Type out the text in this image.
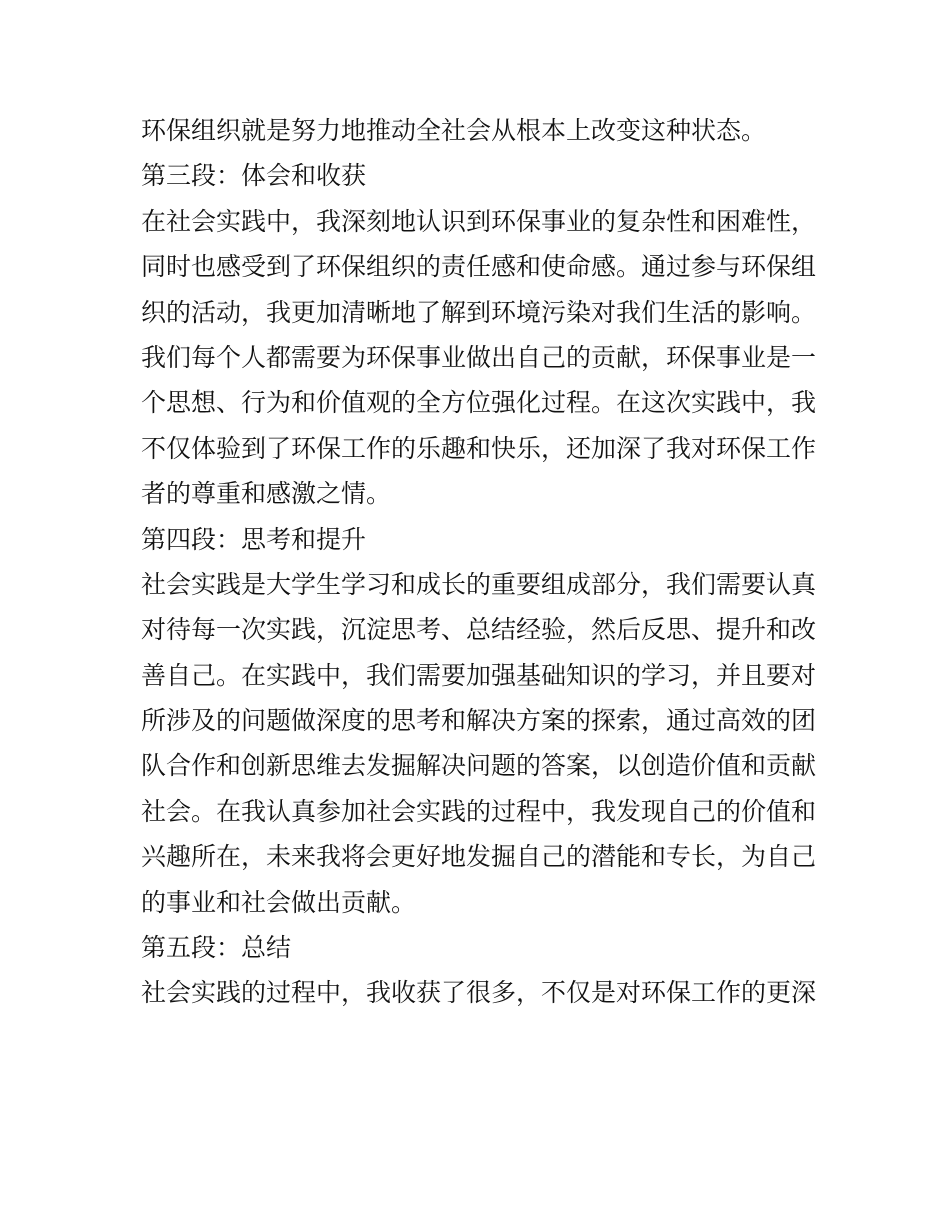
环保组织就是努力地推动全社会从根本上改变这种状态。
第三段：体会和收获
在社会实践中，我深刻地认识到环保事业的复杂性和困难性，
同时也感受到了环保组织的责任感和使命感。通过参与环保组
织的活动，我更加清晰地了解到环境污染对我们生活的影响。
我们每个人都需要为环保事业做出自己的贡献，环保事业是一
个思想、行为和价值观的全方位强化过程。在这次实践中，我
不仅体验到了环保工作的乐趣和快乐，还加深了我对环保工作
者的尊重和感激之情。
第四段：思考和提升
社会实践是大学生学习和成长的重要组成部分，我们需要认真
对待每一次实践，沉淀思考、总结经验，然后反思、提升和改
善自己。在实践中，我们需要加强基础知识的学习，并且要对
所涉及的问题做深度的思考和解决方案的探索，通过高效的团
队合作和创新思维去发掘解决问题的答案，以创造价值和贡献
社会。在我认真参加社会实践的过程中，我发现自己的价值和
兴趣所在，未来我将会更好地发掘自己的潜能和专长，为自己
的事业和社会做出贡献。
第五段：总结
社会实践的过程中，我收获了很多，不仅是对环保工作的更深
